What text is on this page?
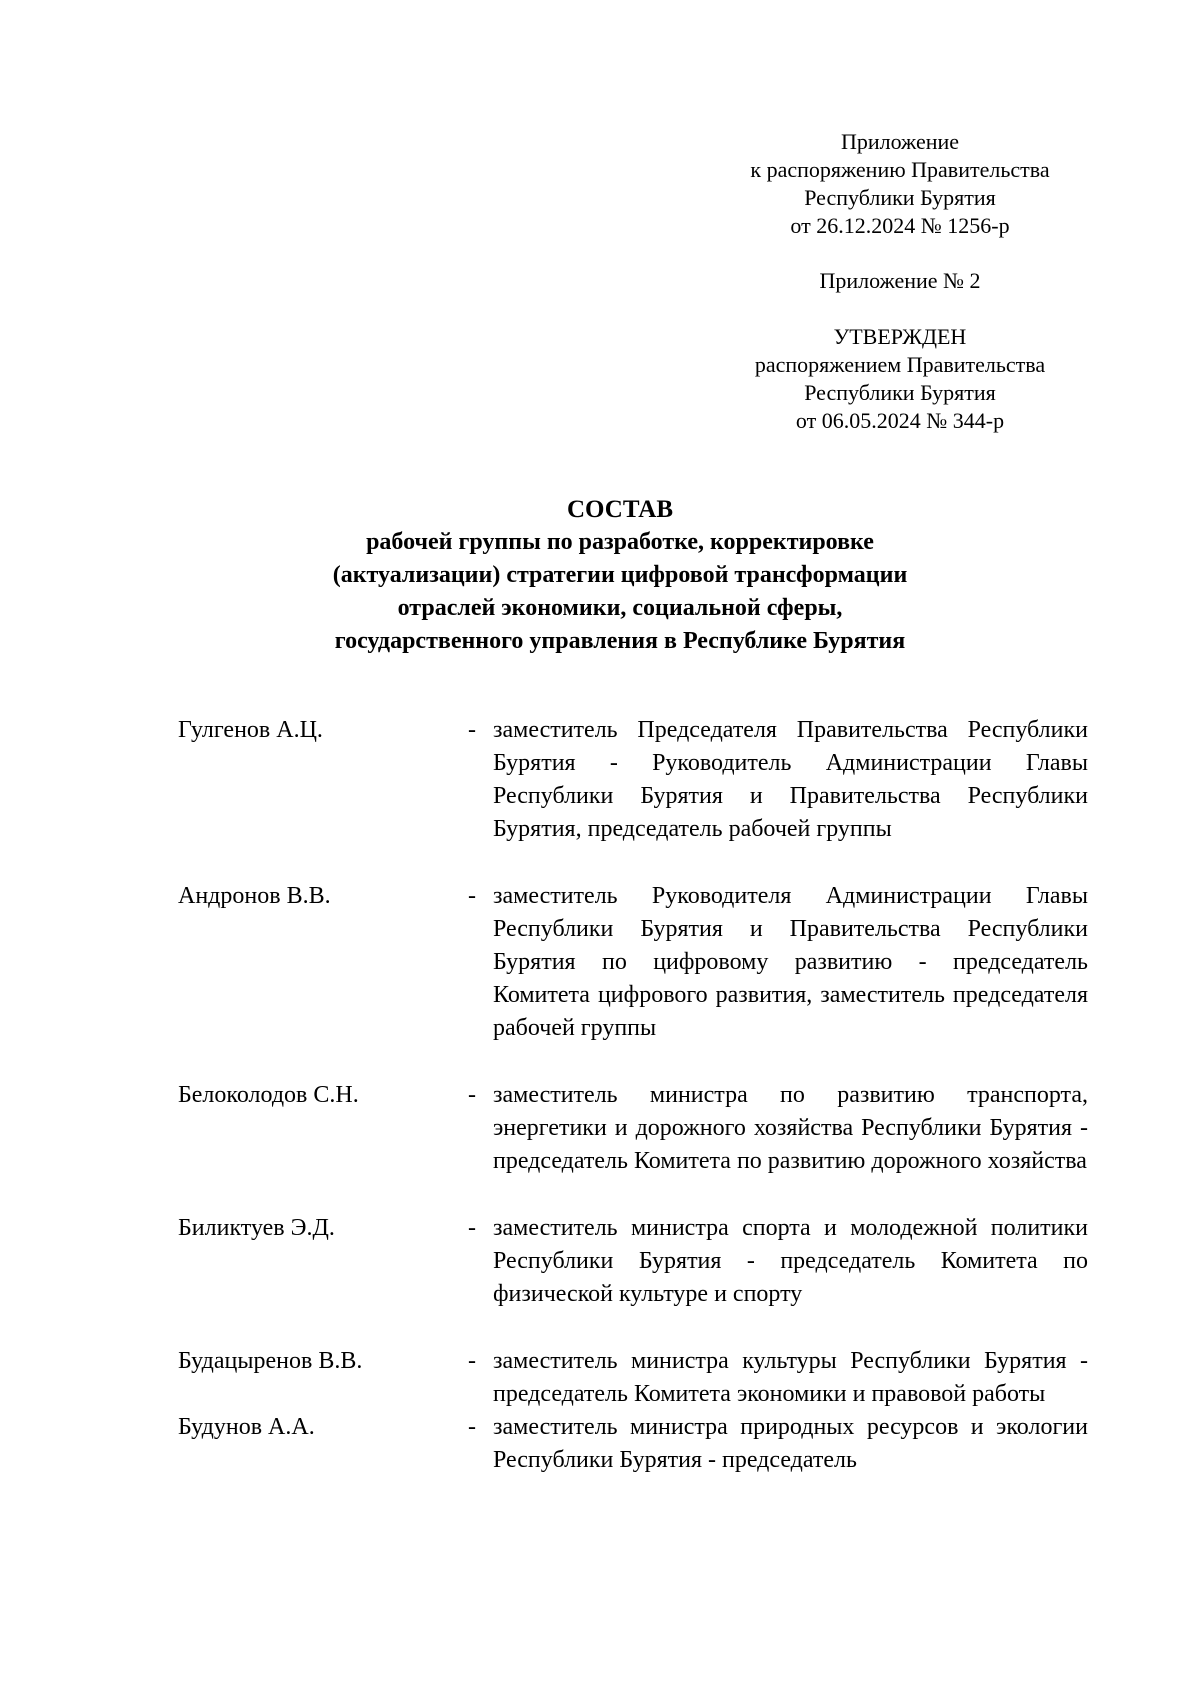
Приложение
к распоряжению Правительства
Республики Бурятия
от 26.12.2024 № 1256-р
Приложение № 2
УТВЕРЖДЕН
распоряжением Правительства
Республики Бурятия
от 06.05.2024 № 344-р
СОСТАВ
рабочей группы по разработке, корректировке
(актуализации) стратегии цифровой трансформации
отраслей экономики, социальной сферы,
государственного управления в Республике Бурятия
Гулгенов А.Ц.	- заместитель Председателя Правительства Республики Бурятия - Руководитель Администрации Главы Республики Бурятия и Правительства Республики Бурятия, председатель рабочей группы
Андронов В.В.	- заместитель Руководителя Администрации Главы Республики Бурятия и Правительства Республики Бурятия по цифровому развитию - председатель Комитета цифрового развития, заместитель председателя рабочей группы
Белоколодов С.Н.	- заместитель министра по развитию транспорта, энергетики и дорожного хозяйства Республики Бурятия - председатель Комитета по развитию дорожного хозяйства
Биликтуев Э.Д.	- заместитель министра спорта и молодежной политики Республики Бурятия - председатель Комитета по физической культуре и спорту
Будацыренов В.В.	- заместитель министра культуры Республики Бурятия - председатель Комитета экономики и правовой работы
Будунов А.А.	- заместитель министра природных ресурсов и экологии Республики Бурятия - председатель
